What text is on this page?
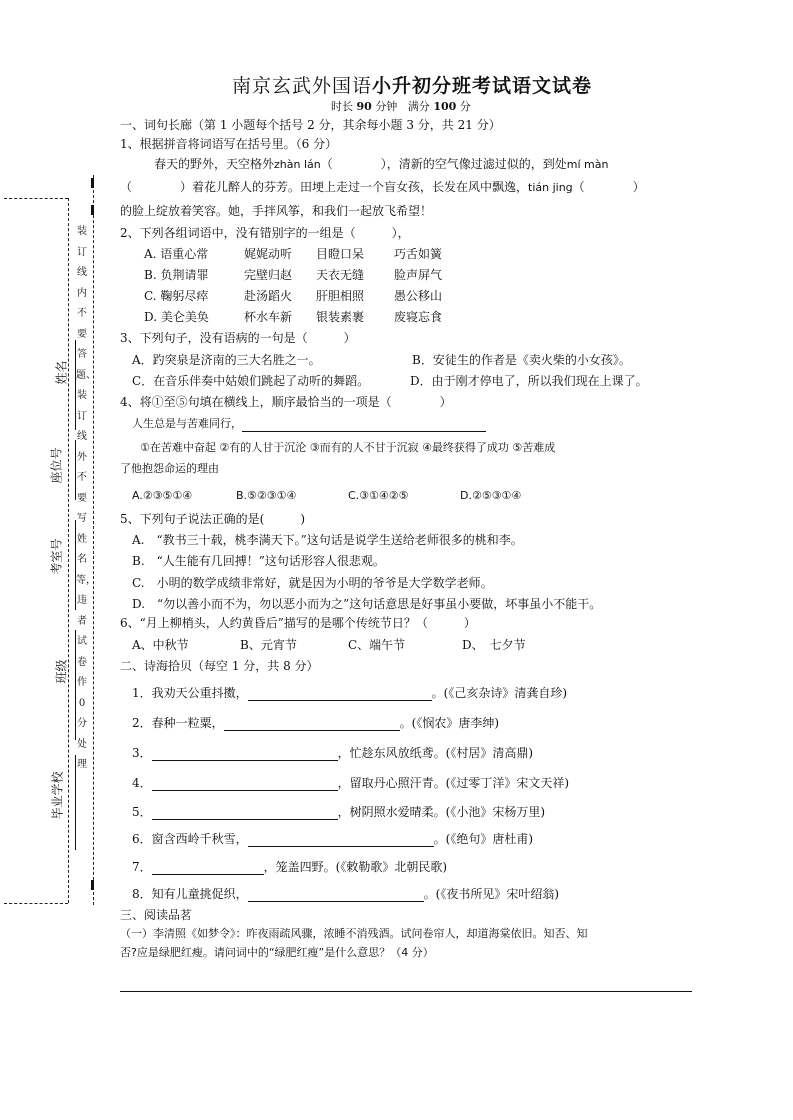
装订线内不要答题、装订线外不要写姓名等，违者试卷作0分处理
姓名
座位号
考室号
班级
毕业学校
南京玄武外国语小升初分班考试语文试卷
时长 90 分钟 满分 100 分
一、词句长廊（第 1 小题每个括号 2 分，其余每小题 3 分，共 21 分）
1、根据拼音将词语写在括号里。（6 分）
春天的野外，天空格外zhàn lán（　　　　），清新的空气像过滤过似的，到处mí màn
（　　　　）着花儿醉人的芬芳。田埂上走过一个盲女孩，长发在风中飘逸，tián jing（　　　　）
的脸上绽放着笑容。她，手拌风筝，和我们一起放飞希望！
2、下列各组词语中，没有错别字的一组是（　　　），
A. 语重心常	娓娓动听 目瞪口呆 巧舌如簧
B. 负荆请罪	完壁归赵 天衣无缝 脸声屏气
C. 鞠躬尽瘁	赴汤蹈火 肝胆相照 愚公移山
D. 美仑美奂	杯水车新 银装素裹 废寝忘食
3、下列句子，没有语病的一句是（　　　）
A．趵突泉是济南的三大名胜之一。	B．安徒生的作者是《卖火柴的小女孩》。
C．在音乐伴奏中姑娘们跳起了动听的舞蹈。	D．由于刚才停电了，所以我们现在上课了。
4、将①至⑤句填在横线上，顺序最恰当的一项是（　　　　）
人生总是与苦难同行，
①在苦难中奋起 ②有的人甘于沉沦 ③而有的人不甘于沉寂 ④最终获得了成功 ⑤苦难成
了他抱怨命运的理由
A.②③⑤①④	B.⑤②③①④	C.③①④②⑤	D.②⑤③①④
5、下列句子说法正确的是(　　　)
A.　“教书三十载，桃李满天下。”这句话是说学生送给老师很多的桃和李。
B.　“人生能有几回搏！”这句话形容人很悲观。
C.　小明的数学成绩非常好，就是因为小明的爷爷是大学数学老师。
D.　“勿以善小而不为，勿以恶小而为之”这句话意思是好事虽小要做，坏事虽小不能干。
6、“月上柳梢头，人约黄昏后”描写的是哪个传统节日？（　　　）
A、中秋节	B、元宵节	C、端午节	D、　七夕节
二、诗海拾贝（每空 1 分，共 8 分）
1．我劝天公重抖擞，	。(《己亥杂诗》清龚自珍)
2．春种一粒粟，	。(《悯农》唐李绅)
3．	，忙趁东风放纸鸢。(《村居》清高鼎)
4．	，留取丹心照汗青。(《过零丁洋》宋文天祥)
5．	，树阴照水爱晴柔。(《小池》宋杨万里)
6．窗含西岭千秋雪，	。(《绝句》唐杜甫)
7．	，笼盖四野。(《敕勒歌》北朝民歌)
8．知有儿童挑促织，	。(《夜书所见》宋叶绍翁)
三、阅读品茗
（一）李清照《如梦令》：昨夜雨疏风骤，浓睡不消残酒。试问卷帘人，却道海棠依旧。知否、知
否?应是绿肥红瘦。请问词中的“绿肥红瘦”是什么意思？（4 分）
